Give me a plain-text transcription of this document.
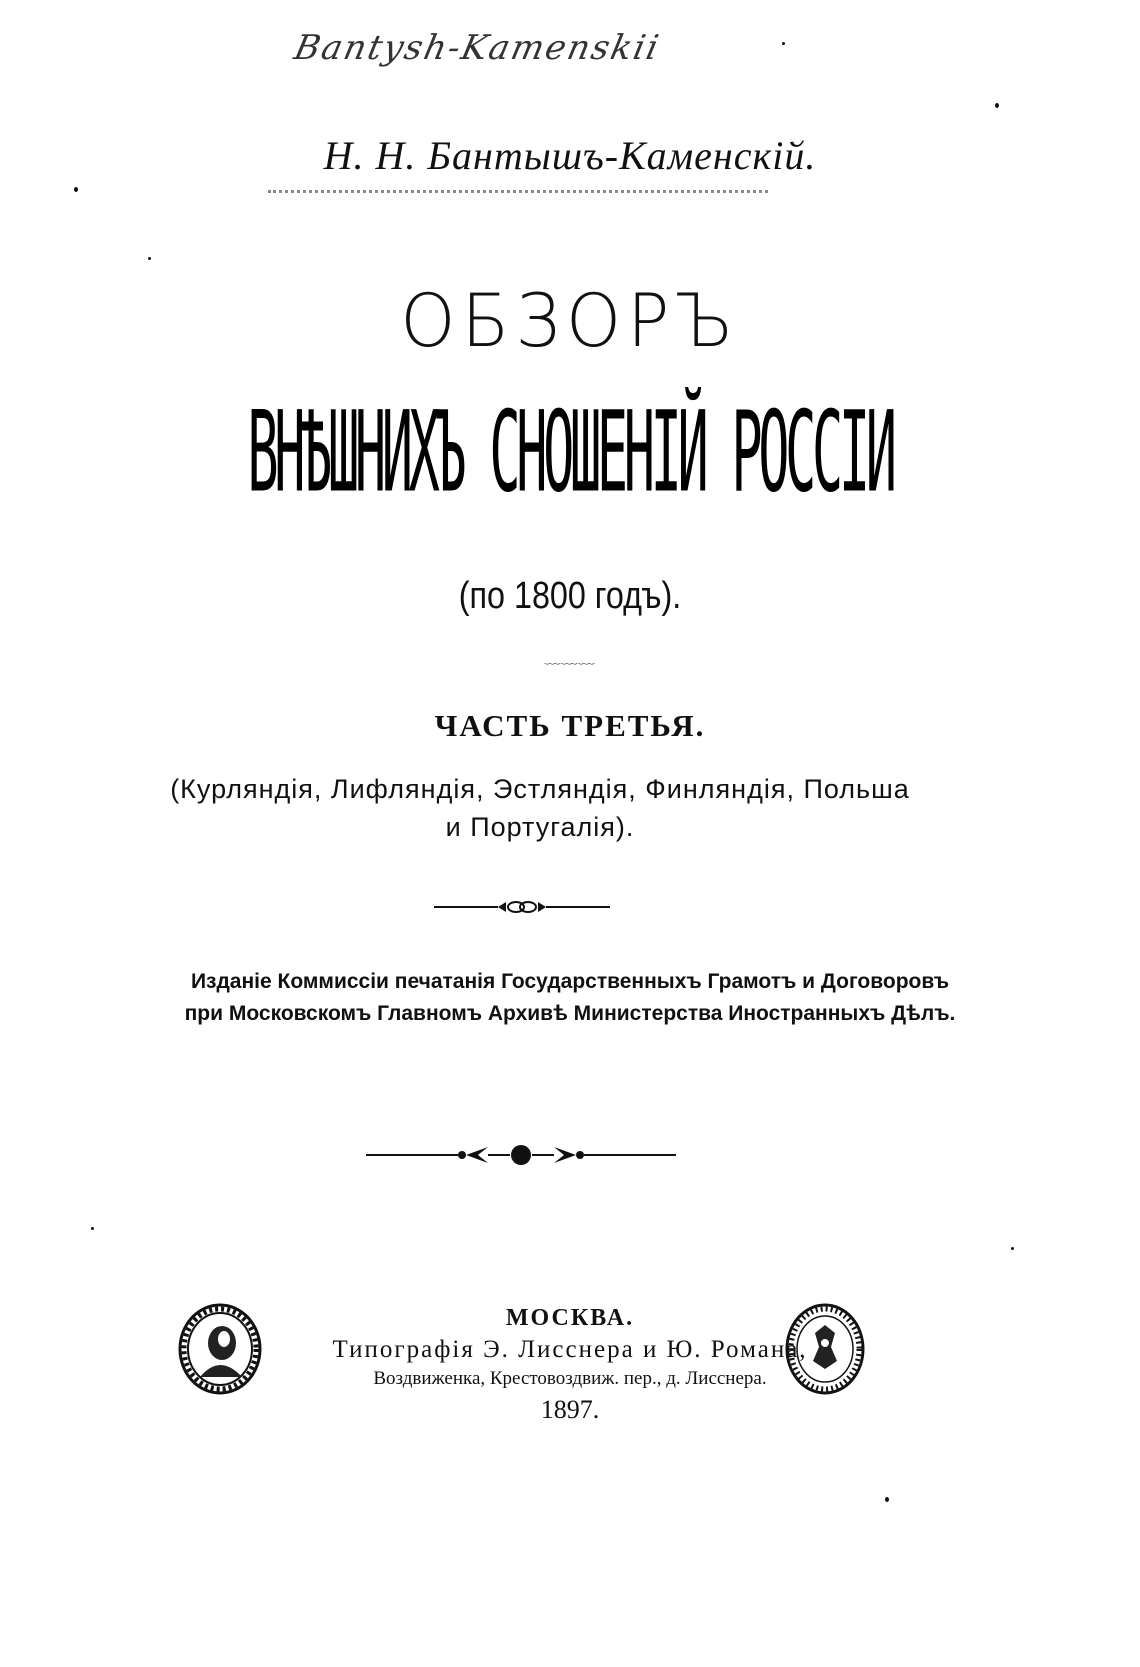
Bantysh-Kamenskii
Н. Н. Бантышъ-Каменскій.
ОБЗОРЪ
ВНѢШНИХЪ СНОШЕНІЙ РОССІИ
(по 1800 годъ).
﹏﹏﹏
ЧАСТЬ ТРЕТЬЯ.
(Курляндія, Лифляндія, Эстляндія, Финляндія, Польша
и Португалія).
Изданіе Коммиссіи печатанія Государственныхъ Грамотъ и Договоровъ
при Московскомъ Главномъ Архивѣ Министерства Иностранныхъ Дѣлъ.
МОСКВА.
Типографія Э. Лисснера и Ю. Романа,
Воздвиженка, Крестовоздвиж. пер., д. Лисснера.
1897.
